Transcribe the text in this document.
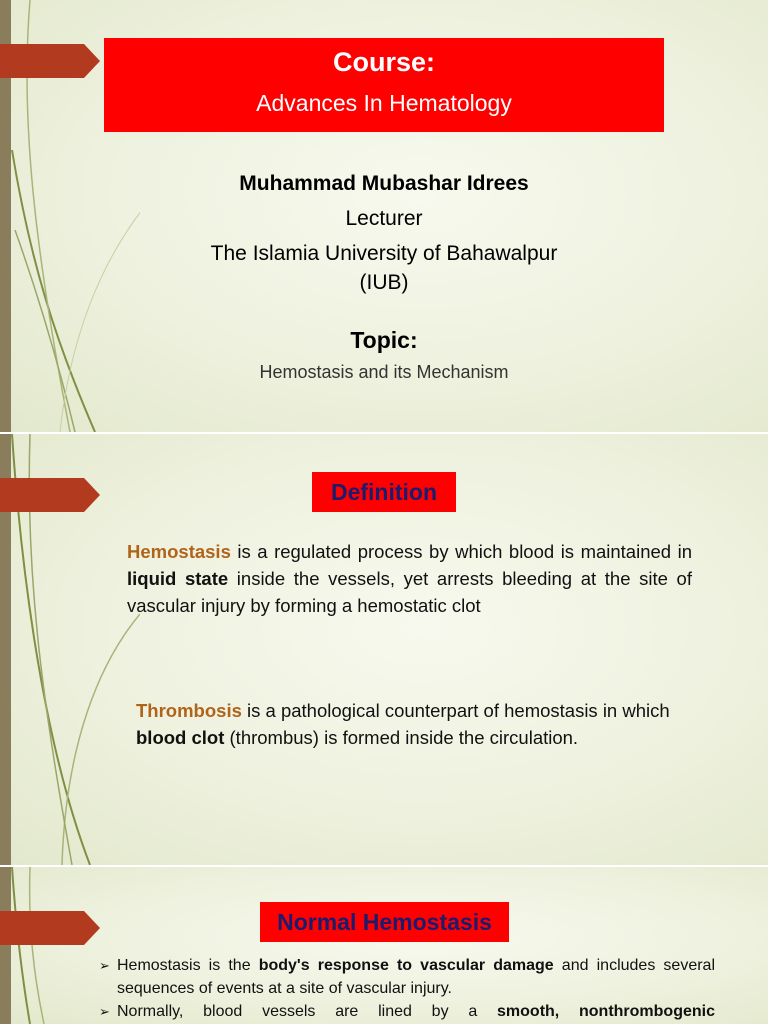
Course:
Advances In Hematology
Muhammad Mubashar Idrees
Lecturer
The Islamia University of Bahawalpur
(IUB)
Topic:
Hemostasis and its Mechanism
Definition
Hemostasis is a regulated process by which blood is maintained in liquid state inside the vessels, yet arrests bleeding at the site of vascular injury by forming a hemostatic clot
Thrombosis is a pathological counterpart of hemostasis in which blood clot (thrombus) is formed inside the circulation.
Normal Hemostasis
➢ Hemostasis is the body's response to vascular damage and includes several sequences of events at a site of vascular injury.
➢ Normally, blood vessels are lined by a smooth, nonthrombogenic
